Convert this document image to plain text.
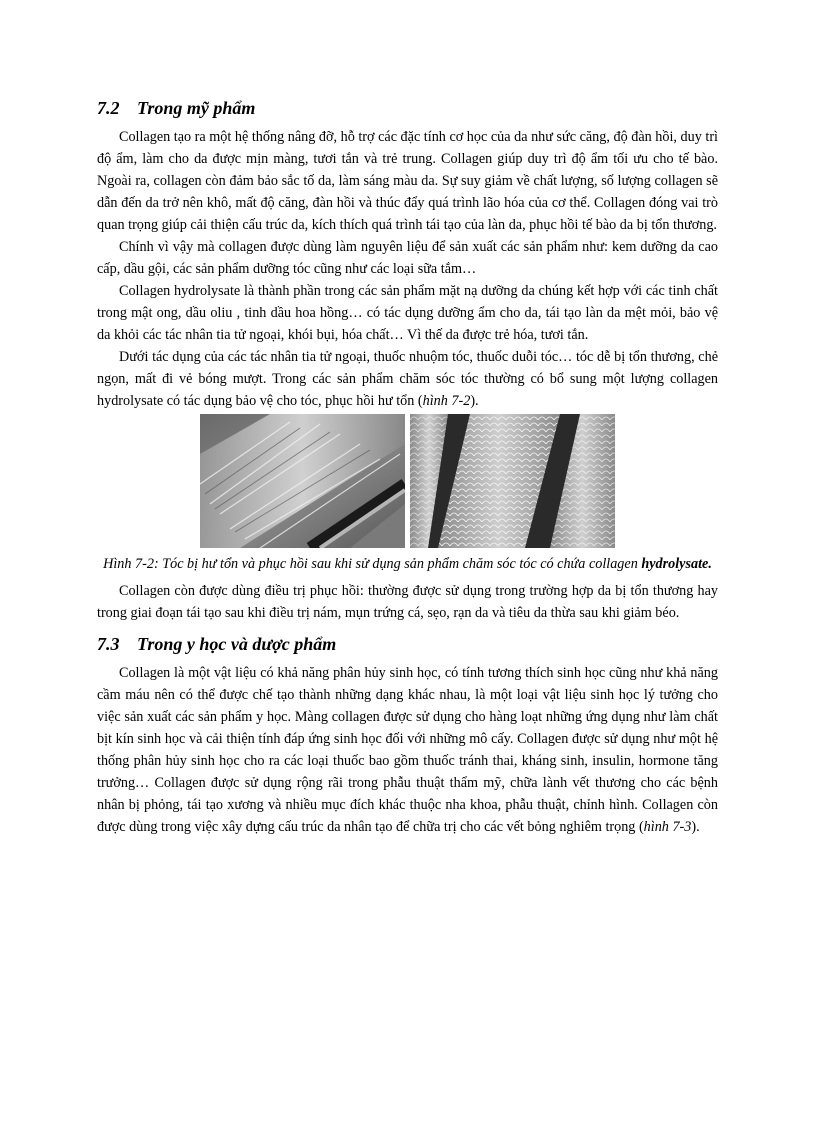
7.2 Trong mỹ phẩm

Collagen tạo ra một hệ thống nâng đỡ, hỗ trợ các đặc tính cơ học của da như sức căng, độ đàn hồi, duy trì độ ẩm, làm cho da được mịn màng, tươi tắn và trẻ trung. Collagen giúp duy trì độ ẩm tối ưu cho tế bào. Ngoài ra, collagen còn đảm bảo sắc tố da, làm sáng màu da. Sự suy giảm về chất lượng, số lượng collagen sẽ dẫn đến da trở nên khô, mất độ căng, đàn hồi và thúc đẩy quá trình lão hóa của cơ thể. Collagen đóng vai trò quan trọng giúp cải thiện cấu trúc da, kích thích quá trình tái tạo của làn da, phục hồi tế bào da bị tổn thương.

Chính vì vậy mà collagen được dùng làm nguyên liệu để sản xuất các sản phẩm như: kem dưỡng da cao cấp, dầu gội, các sản phẩm dưỡng tóc cũng như các loại sữa tắm…

Collagen hydrolysate là thành phần trong các sản phẩm mặt nạ dưỡng da chúng kết hợp với các tinh chất trong mật ong, dầu oliu , tinh dầu hoa hồng… có tác dụng dưỡng ẩm cho da, tái tạo làn da mệt mỏi, bảo vệ da khỏi các tác nhân tia tử ngoại, khói bụi, hóa chất… Vì thế da được trẻ hóa, tươi tắn.

Dưới tác dụng của các tác nhân tia tử ngoại, thuốc nhuộm tóc, thuốc duỗi tóc… tóc dễ bị tổn thương, chẻ ngọn, mất đi vẻ bóng mượt. Trong các sản phẩm chăm sóc tóc thường có bổ sung một lượng collagen hydrolysate có tác dụng bảo vệ cho tóc, phục hồi hư tổn (hình 7-2).

Hình 7-2: Tóc bị hư tổn và phục hồi sau khi sử dụng sản phẩm chăm sóc tóc có chứa collagen hydrolysate.

Collagen còn được dùng điều trị phục hồi: thường được sử dụng trong trường hợp da bị tổn thương hay trong giai đoạn tái tạo sau khi điều trị nám, mụn trứng cá, sẹo, rạn da và tiêu da thừa sau khi giảm béo.

7.3 Trong y học và dược phẩm

Collagen là một vật liệu có khả năng phân hủy sinh học, có tính tương thích sinh học cũng như khả năng cầm máu nên có thể được chế tạo thành những dạng khác nhau, là một loại vật liệu sinh học lý tưởng cho việc sản xuất các sản phẩm y học. Màng collagen được sử dụng cho hàng loạt những ứng dụng như làm chất bịt kín sinh học và cải thiện tính đáp ứng sinh học đối với những mô cấy. Collagen được sử dụng như một hệ thống phân hủy sinh học cho ra các loại thuốc bao gồm thuốc tránh thai, kháng sinh, insulin, hormone tăng trưởng… Collagen được sử dụng rộng rãi trong phẫu thuật thẩm mỹ, chữa lành vết thương cho các bệnh nhân bị phỏng, tái tạo xương và nhiều mục đích khác thuộc nha khoa, phẫu thuật, chỉnh hình. Collagen còn được dùng trong việc xây dựng cấu trúc da nhân tạo để chữa trị cho các vết bỏng nghiêm trọng (hình 7-3).
